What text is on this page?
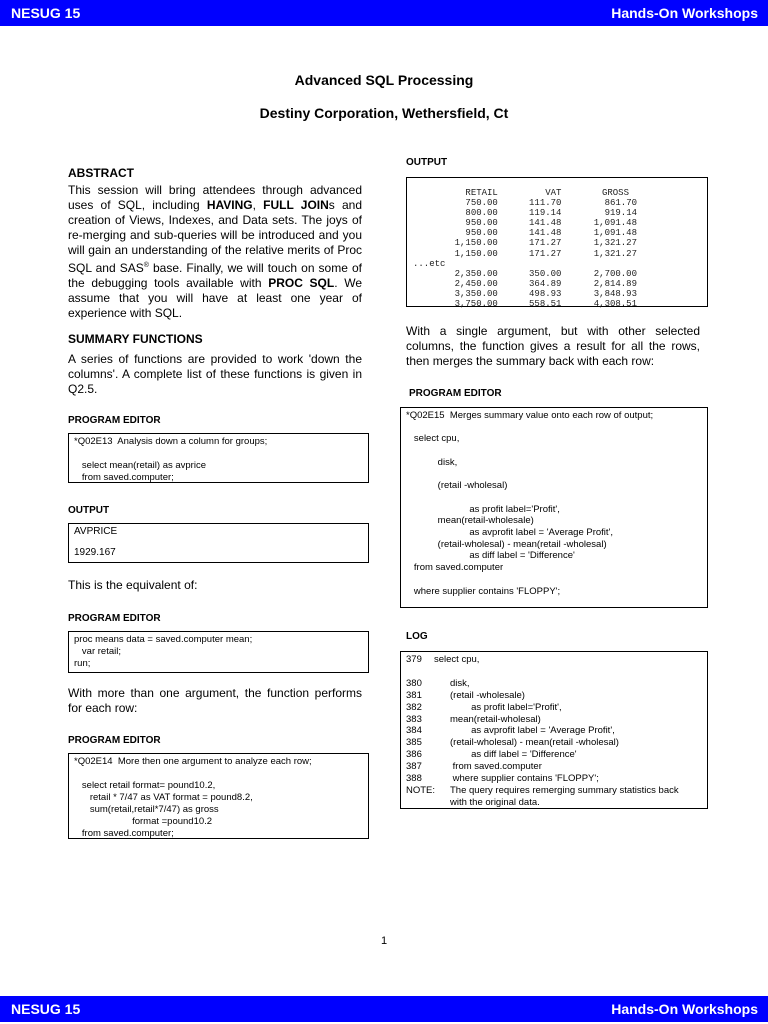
NESUG 15	Hands-On Workshops
Advanced SQL Processing
Destiny Corporation, Wethersfield, Ct

ABSTRACT

This session will bring attendees through advanced uses of SQL, including HAVING, FULL JOINs and creation of Views, Indexes, and Data sets. The joys of re-merging and sub-queries will be introduced and you will gain an understanding of the relative merits of Proc SQL and SAS® base. Finally, we will touch on some of the debugging tools available with PROC SQL. We assume that you will have at least one year of experience with SQL.

SUMMARY FUNCTIONS

A series of functions are provided to work 'down the columns'. A complete list of these functions is given in Q2.5.

PROGRAM EDITOR

*Q02E13  Analysis down a column for groups;
select mean(retail) as avprice
from saved.computer;

OUTPUT

AVPRICE
1929.167

This is the equivalent of:

PROGRAM EDITOR

proc means data = saved.computer mean;
var retail;
run;

With more than one argument, the function performs for each row:

PROGRAM EDITOR

*Q02E14  More then one argument to analyze each row;
select retail format= pound10.2,
retail * 7/47 as VAT format = pound8.2,
sum(retail,retail*7/47) as gross
format =pound10.2
from saved.computer;

OUTPUT

RETAIL	VAT	GROSS
750.00	111.70	861.70
800.00	119.14	919.14
950.00	141.48	1,091.48
950.00	141.48	1,091.48
1,150.00	171.27	1,321.27
1,150.00	171.27	1,321.27
...etc		
2,350.00	350.00	2,700.00
2,450.00	364.89	2,814.89
3,350.00	498.93	3,848.93
3,750.00	558.51	4,308.51

With a single argument, but with other selected columns, the function gives a result for all the rows, then merges the summary back with each row:

PROGRAM EDITOR

*Q02E15  Merges summary value onto each row of output;
select cpu,
disk,
(retail -wholesal)
as profit label='Profit',
mean(retail-wholesale)
as avprofit label = 'Average Profit',
(retail-wholesal) - mean(retail -wholesal)
as diff label = 'Difference'
from saved.computer
where supplier contains 'FLOPPY';

LOG

379	select cpu,
380	disk,
381	(retail -wholesale)
382	as profit label='Profit',
383	mean(retail-wholesal)
384	as avprofit label = 'Average Profit',
385	(retail-wholesal) - mean(retail -wholesal)
386	as diff label = 'Difference'
387	from saved.computer
388	where supplier contains 'FLOPPY';
NOTE:	The query requires remerging summary statistics back
with the original data.
1
NESUG 15	Hands-On Workshops
